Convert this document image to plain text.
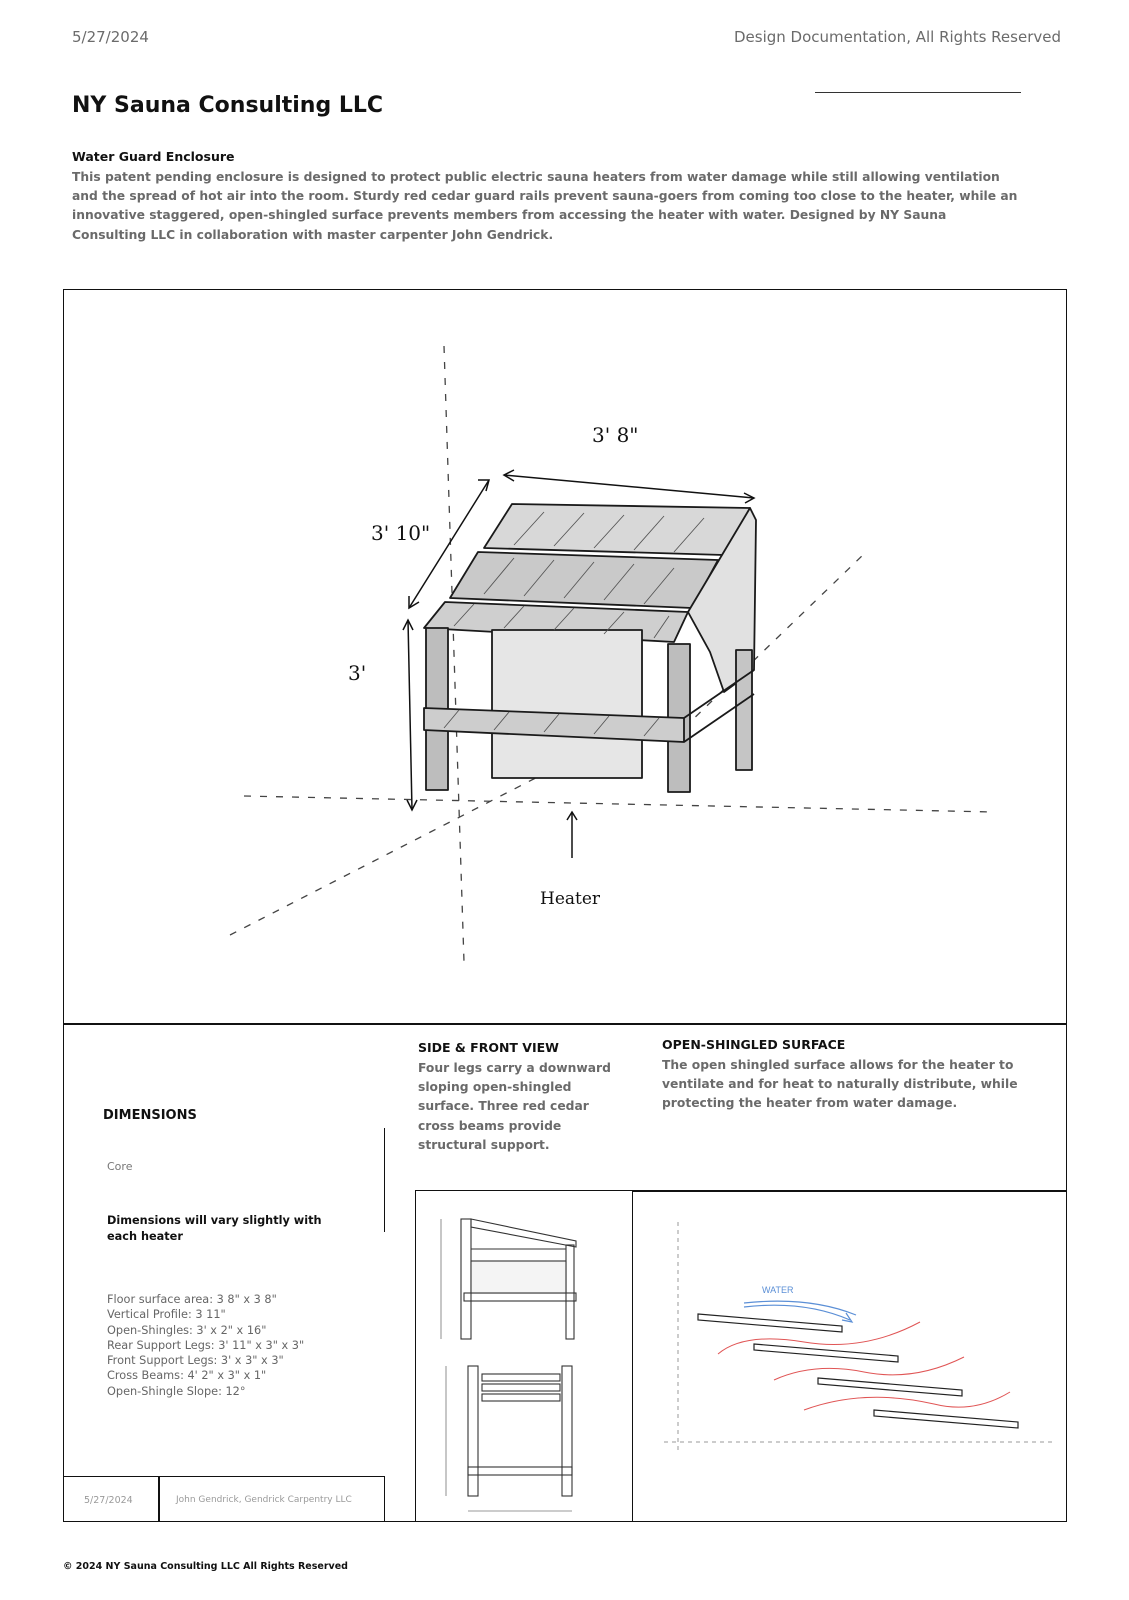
5/27/2024	Design Documentation, All Rights Reserved
NY Sauna Consulting LLC
Water Guard Enclosure
This patent pending enclosure is designed to protect public electric sauna heaters from water damage while still allowing ventilation and the spread of hot air into the room. Sturdy red cedar guard rails prevent sauna-goers from coming too close to the heater, while an innovative staggered, open-shingled surface prevents members from accessing the heater with water. Designed by NY Sauna Consulting LLC in collaboration with master carpenter John Gendrick.
3' 8"
3' 10"
3'
Heater
DIMENSIONS
Core
Dimensions will vary slightly with each heater
Floor surface area: 3 8" x 3 8"
Vertical Profile: 3 11"
Open-Shingles: 3' x 2" x 16"
Rear Support Legs: 3' 11" x 3" x 3"
Front Support Legs: 3' x 3" x 3"
Cross Beams: 4' 2" x 3" x 1"
Open-Shingle Slope: 12°
5/27/2024	John Gendrick, Gendrick Carpentry LLC
SIDE & FRONT VIEW
Four legs carry a downward sloping open-shingled surface. Three red cedar cross beams provide structural support.
OPEN-SHINGLED SURFACE
The open shingled surface allows for the heater to ventilate and for heat to naturally distribute, while protecting the heater from water damage.
WATER
© 2024 NY Sauna Consulting LLC All Rights Reserved
